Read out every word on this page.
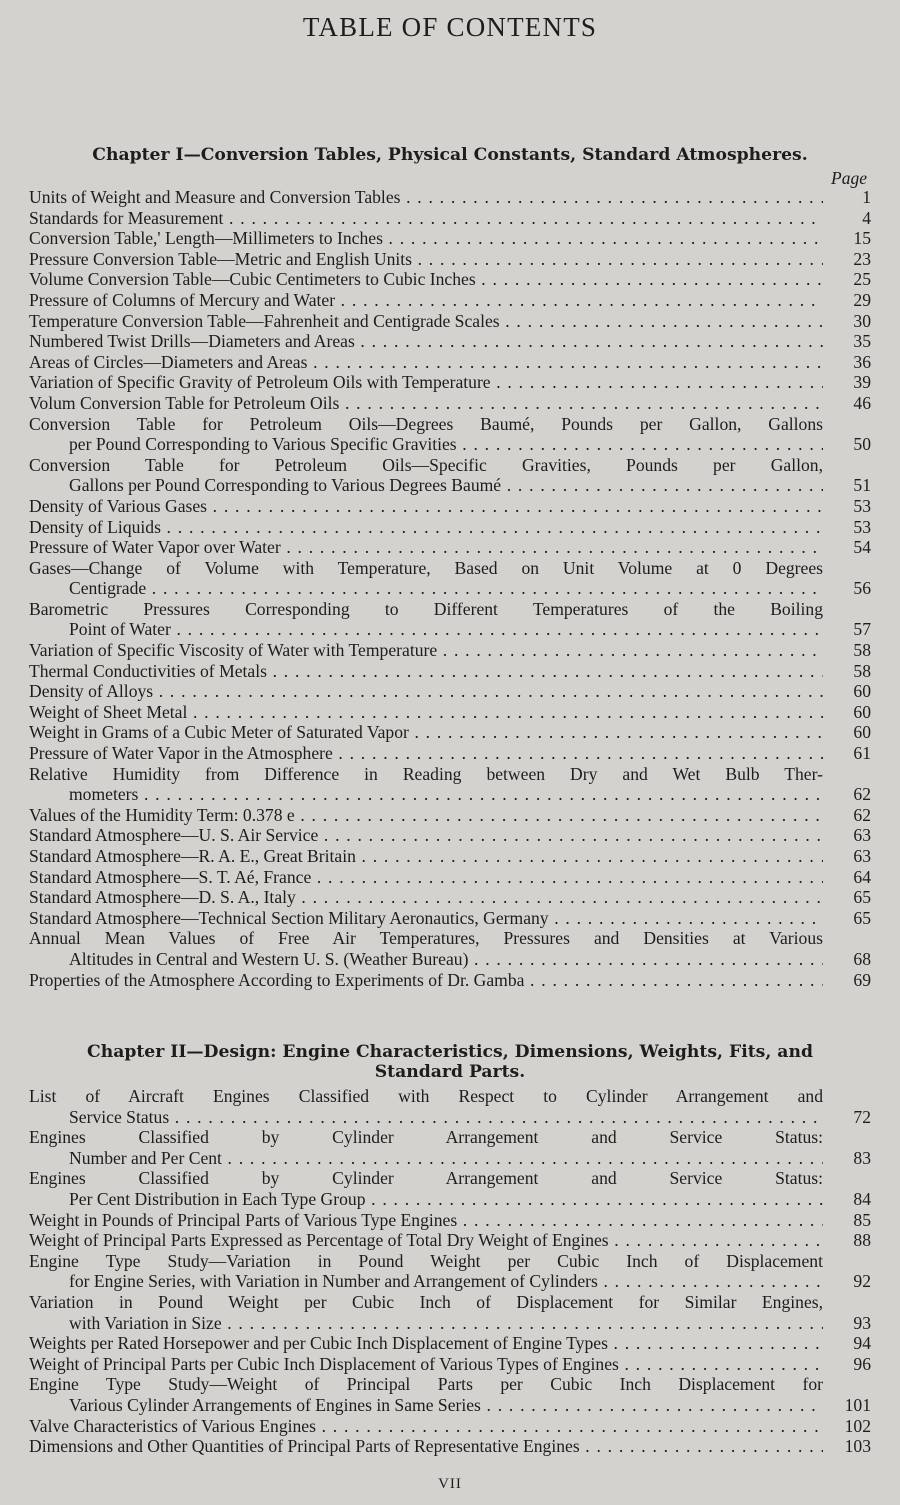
TABLE OF CONTENTS
Chapter I—Conversion Tables, Physical Constants, Standard Atmospheres.
Page
Units of Weight and Measure and Conversion Tables . . .	1
Standards for Measurement . . .	4
Conversion Table,' Length—Millimeters to Inches . . .	15
Pressure Conversion Table—Metric and English Units . . .	23
Volume Conversion Table—Cubic Centimeters to Cubic Inches . . .	25
Pressure of Columns of Mercury and Water . . .	29
Temperature Conversion Table—Fahrenheit and Centigrade Scales . . .	30
Numbered Twist Drills—Diameters and Areas . . .	35
Areas of Circles—Diameters and Areas . . .	36
Variation of Specific Gravity of Petroleum Oils with Temperature . . .	39
Volum Conversion Table for Petroleum Oils . . .	46
Conversion Table for Petroleum Oils—Degrees Baumé, Pounds per Gallon, Gallons
per Pound Corresponding to Various Specific Gravities . . .	50
Conversion Table for Petroleum Oils—Specific Gravities, Pounds per Gallon,
Gallons per Pound Corresponding to Various Degrees Baumé . . .	51
Density of Various Gases . . .	53
Density of Liquids . . .	53
Pressure of Water Vapor over Water . . .	54
Gases—Change of Volume with Temperature, Based on Unit Volume at 0 Degrees
Centigrade . . .	56
Barometric Pressures Corresponding to Different Temperatures of the Boiling
Point of Water . . .	57
Variation of Specific Viscosity of Water with Temperature . . .	58
Thermal Conductivities of Metals . . .	58
Density of Alloys . . .	60
Weight of Sheet Metal . . .	60
Weight in Grams of a Cubic Meter of Saturated Vapor . . .	60
Pressure of Water Vapor in the Atmosphere . . .	61
Relative Humidity from Difference in Reading between Dry and Wet Bulb Ther-
mometers . . .	62
Values of the Humidity Term: 0.378 e . . .	62
Standard Atmosphere—U. S. Air Service . . .	63
Standard Atmosphere—R. A. E., Great Britain . . .	63
Standard Atmosphere—S. T. Aé, France . . .	64
Standard Atmosphere—D. S. A., Italy . . .	65
Standard Atmosphere—Technical Section Military Aeronautics, Germany . . .	65
Annual Mean Values of Free Air Temperatures, Pressures and Densities at Various
Altitudes in Central and Western U. S. (Weather Bureau) . . .	68
Properties of the Atmosphere According to Experiments of Dr. Gamba . . .	69
Chapter II—Design: Engine Characteristics, Dimensions, Weights, Fits, and
Standard Parts.
List of Aircraft Engines Classified with Respect to Cylinder Arrangement and
Service Status . . .	72
Engines Classified by Cylinder Arrangement and Service Status:
Number and Per Cent . . .	83
Engines Classified by Cylinder Arrangement and Service Status:
Per Cent Distribution in Each Type Group . . .	84
Weight in Pounds of Principal Parts of Various Type Engines . . .	85
Weight of Principal Parts Expressed as Percentage of Total Dry Weight of Engines . . .	88
Engine Type Study—Variation in Pound Weight per Cubic Inch of Displacement
for Engine Series, with Variation in Number and Arrangement of Cylinders . . .	92
Variation in Pound Weight per Cubic Inch of Displacement for Similar Engines,
with Variation in Size . . .	93
Weights per Rated Horsepower and per Cubic Inch Displacement of Engine Types . . .	94
Weight of Principal Parts per Cubic Inch Displacement of Various Types of Engines . . .	96
Engine Type Study—Weight of Principal Parts per Cubic Inch Displacement for
Various Cylinder Arrangements of Engines in Same Series . . .	101
Valve Characteristics of Various Engines . . .	102
Dimensions and Other Quantities of Principal Parts of Representative Engines . . .	103
VII
